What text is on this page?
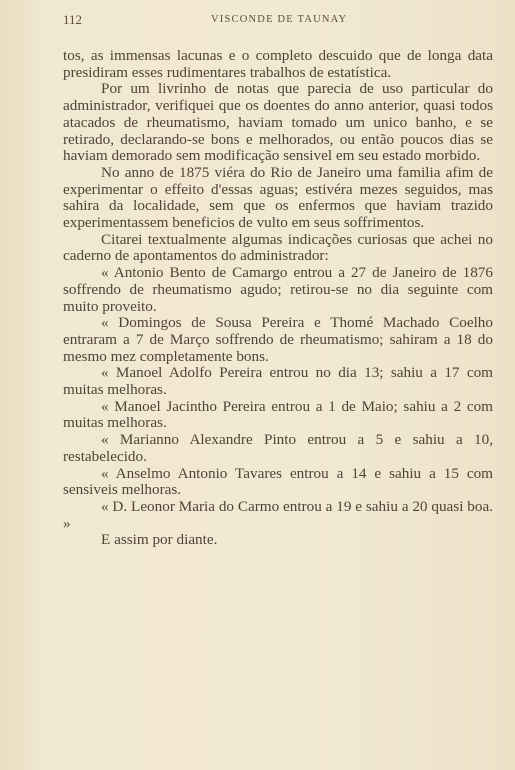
112	VISCONDE DE TAUNAY

tos, as immensas lacunas e o completo descuido que de longa data presidiram esses rudimentares trabalhos de estatística.

Por um livrinho de notas que parecia de uso particular do administrador, verifiquei que os doentes do anno anterior, quasi todos atacados de rheumatismo, haviam tomado um unico banho, e se retirado, declarando-se bons e melhorados, ou então poucos dias se haviam demorado sem modificação sensivel em seu estado morbido.

No anno de 1875 viéra do Rio de Janeiro uma familia afim de experimentar o effeito d'essas aguas; estivéra mezes seguidos, mas sahira da localidade, sem que os enfermos que haviam trazido experimentassem beneficios de vulto em seus soffrimentos.

Citarei textualmente algumas indicações curiosas que achei no caderno de apontamentos do administrador:

« Antonio Bento de Camargo entrou a 27 de Janeiro de 1876 soffrendo de rheumatismo agudo; retirou-se no dia seguinte com muito proveito.

« Domingos de Sousa Pereira e Thomé Machado Coelho entraram a 7 de Março soffrendo de rheumatismo; sahiram a 18 do mesmo mez completamente bons.

« Manoel Adolfo Pereira entrou no dia 13; sahiu a 17 com muitas melhoras.

« Manoel Jacintho Pereira entrou a 1 de Maio; sahiu a 2 com muitas melhoras.

« Marianno Alexandre Pinto entrou a 5 e sahiu a 10, restabelecido.

« Anselmo Antonio Tavares entrou a 14 e sahiu a 15 com sensiveis melhoras.

« D. Leonor Maria do Carmo entrou a 19 e sahiu a 20 quasi boa. »

E assim por diante.
